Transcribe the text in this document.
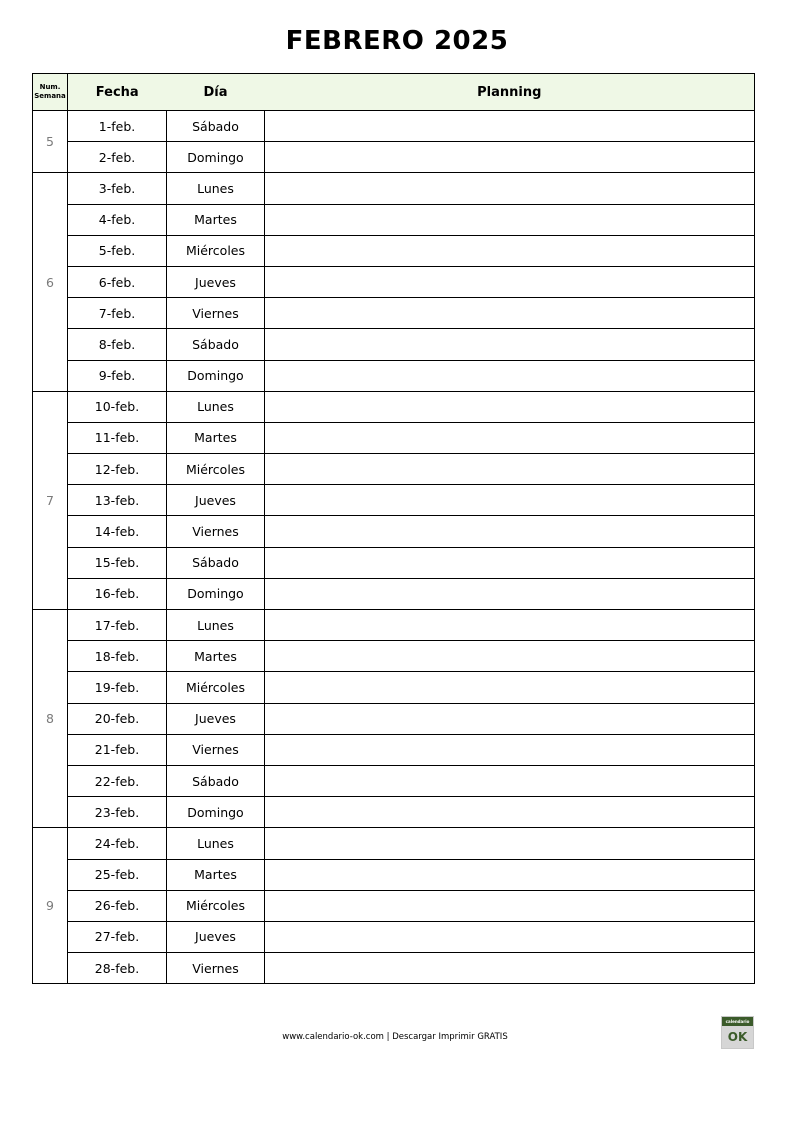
FEBRERO 2025
Num. Semana	Fecha	Día	Planning
5	1-feb.	Sábado	
	2-feb.	Domingo	
6	3-feb.	Lunes	
	4-feb.	Martes	
	5-feb.	Miércoles	
	6-feb.	Jueves	
	7-feb.	Viernes	
	8-feb.	Sábado	
	9-feb.	Domingo	
7	10-feb.	Lunes	
	11-feb.	Martes	
	12-feb.	Miércoles	
	13-feb.	Jueves	
	14-feb.	Viernes	
	15-feb.	Sábado	
	16-feb.	Domingo	
8	17-feb.	Lunes	
	18-feb.	Martes	
	19-feb.	Miércoles	
	20-feb.	Jueves	
	21-feb.	Viernes	
	22-feb.	Sábado	
	23-feb.	Domingo	
9	24-feb.	Lunes	
	25-feb.	Martes	
	26-feb.	Miércoles	
	27-feb.	Jueves	
	28-feb.	Viernes	
www.calendario-ok.com | Descargar Imprimir GRATIS
calendario
OK
